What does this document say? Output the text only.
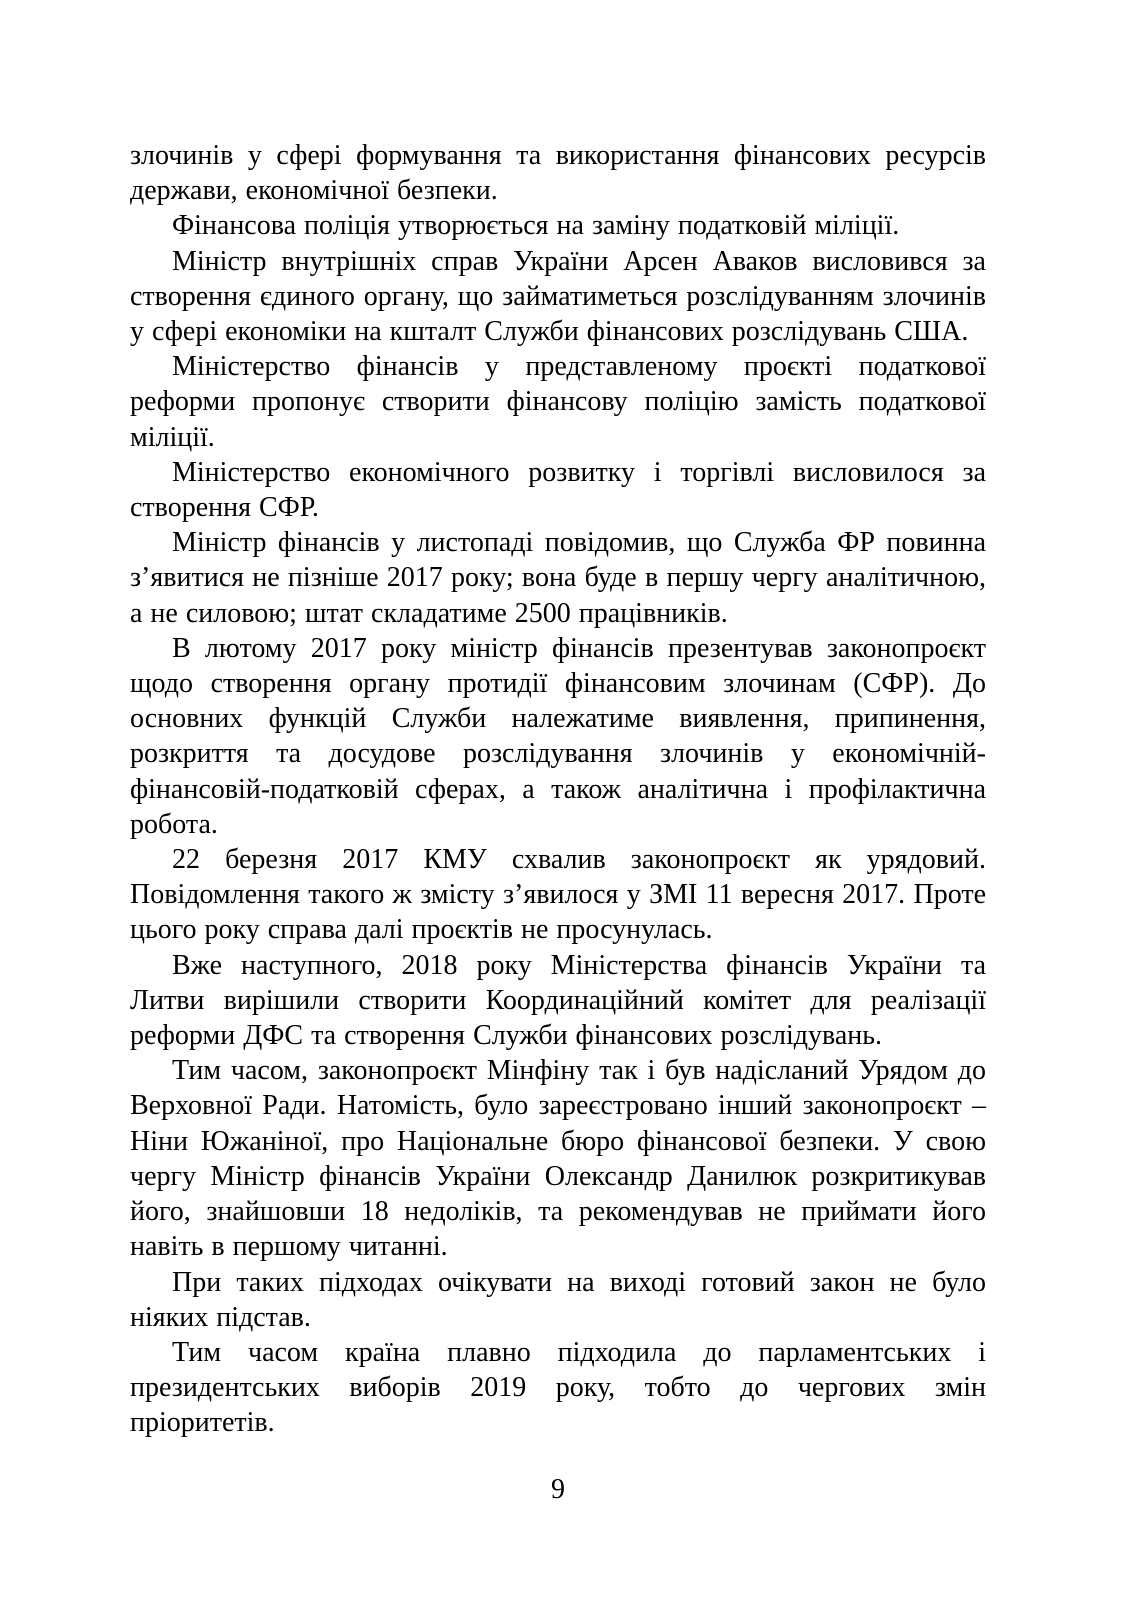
злочинів у сфері формування та використання фінансових ресурсів держави, економічної безпеки.

Фінансова поліція утворюється на заміну податковій міліції.

Міністр внутрішніх справ України Арсен Аваков висловився за створення єдиного органу, що займатиметься розслідуванням злочинів у сфері економіки на кшталт Служби фінансових розслідувань США.

Міністерство фінансів у представленому проєкті податкової реформи пропонує створити фінансову поліцію замість податкової міліції.

Міністерство економічного розвитку і торгівлі висловилося за створення СФР.

Міністр фінансів у листопаді повідомив, що Служба ФР повинна з’явитися не пізніше 2017 року; вона буде в першу чергу аналітичною, а не силовою; штат складатиме 2500 працівників.

В лютому 2017 року міністр фінансів презентував законопроєкт щодо створення органу протидії фінансовим злочинам (СФР). До основних функцій Служби належатиме виявлення, припинення, розкриття та досудове розслідування злочинів у економічній-фінансовій-податковій сферах, а також аналітична і профілактична робота.

22 березня 2017 КМУ схвалив законопроєкт як урядовий. Повідомлення такого ж змісту з’явилося у ЗМІ 11 вересня 2017. Проте цього року справа далі проєктів не просунулась.

Вже наступного, 2018 року Міністерства фінансів України та Литви вирішили створити Координаційний комітет для реалізації реформи ДФС та створення Служби фінансових розслідувань.

Тим часом, законопроєкт Мінфіну так і був надісланий Урядом до Верховної Ради. Натомість, було зареєстровано інший законопроєкт – Ніни Южаніної, про Національне бюро фінансової безпеки. У свою чергу Міністр фінансів України Олександр Данилюк розкритикував його, знайшовши 18 недоліків, та рекомендував не приймати його навіть в першому читанні.

При таких підходах очікувати на виході готовий закон не було ніяких підстав.

Тим часом країна плавно підходила до парламентських і президентських виборів 2019 року, тобто до чергових змін пріоритетів.

9
